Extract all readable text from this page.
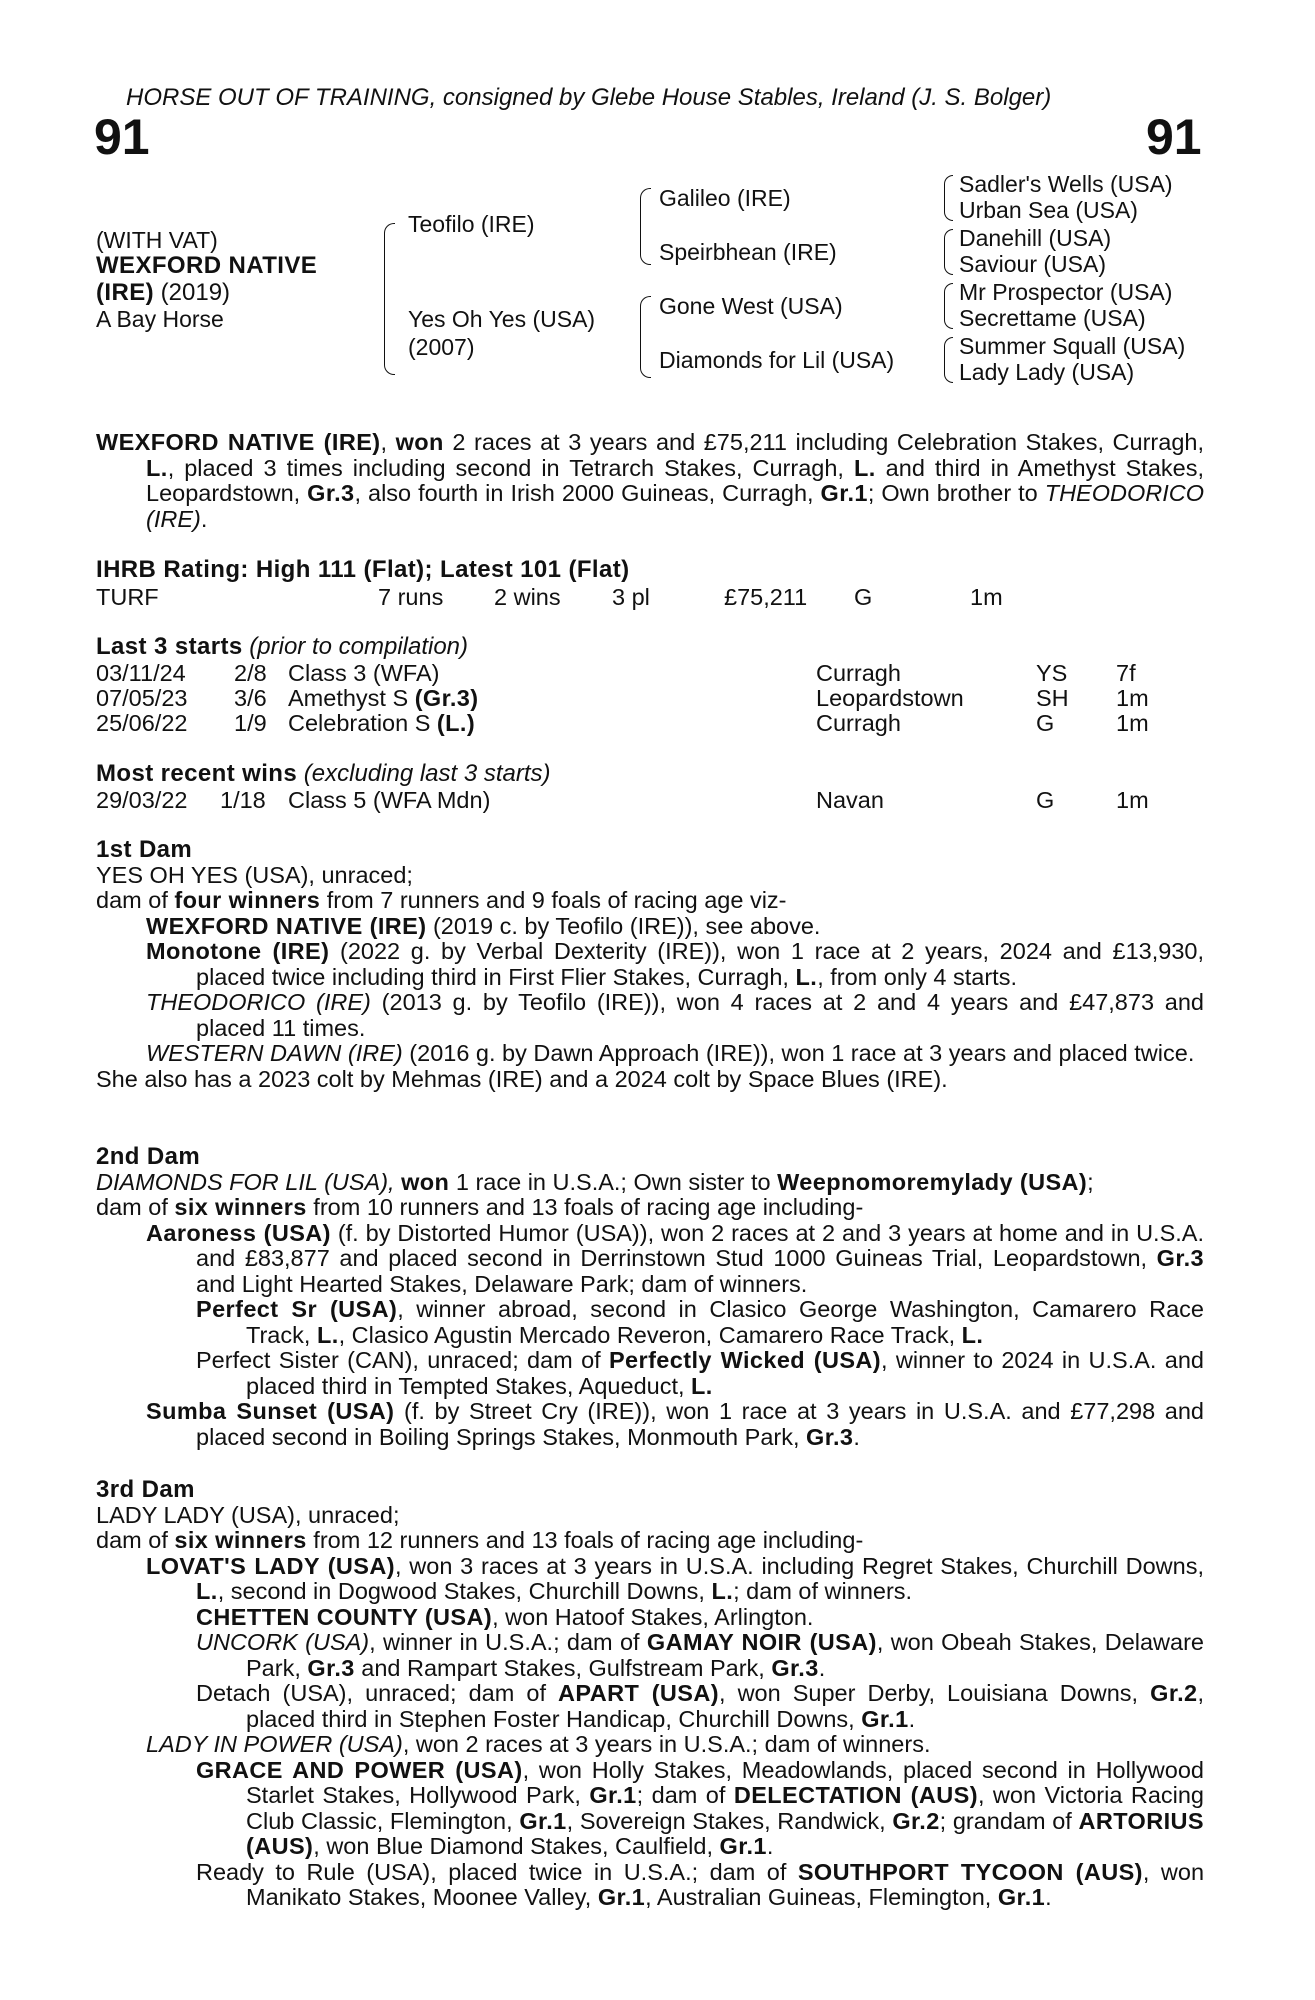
HORSE OUT OF TRAINING, consigned by Glebe House Stables, Ireland (J. S. Bolger)
91	91
(WITH VAT)
WEXFORD NATIVE
(IRE) (2019)
A Bay Horse
Teofilo (IRE)
Yes Oh Yes (USA)
(2007)
Galileo (IRE)
Speirbhean (IRE)
Gone West (USA)
Diamonds for Lil (USA)
Sadler's Wells (USA)
Urban Sea (USA)
Danehill (USA)
Saviour (USA)
Mr Prospector (USA)
Secrettame (USA)
Summer Squall (USA)
Lady Lady (USA)

WEXFORD NATIVE (IRE), won 2 races at 3 years and £75,211 including Celebration Stakes, Curragh, L., placed 3 times including second in Tetrarch Stakes, Curragh, L. and third in Amethyst Stakes, Leopardstown, Gr.3, also fourth in Irish 2000 Guineas, Curragh, Gr.1; Own brother to THEODORICO (IRE).

IHRB Rating: High 111 (Flat); Latest 101 (Flat)
TURF	7 runs 2 wins 3 pl	£75,211 G	1m
Last 3 starts (prior to compilation)
03/11/24 2/8 Class 3 (WFA)	Curragh	YS 7f
07/05/23 3/6 Amethyst S (Gr.3)	Leopardstown	SH 1m
25/06/22 1/9 Celebration S (L.)	Curragh	G	1m
Most recent wins (excluding last 3 starts)
29/03/22 1/18 Class 5 (WFA Mdn)	Navan	G	1m

1st Dam

YES OH YES (USA), unraced;

dam of four winners from 7 runners and 9 foals of racing age viz-

WEXFORD NATIVE (IRE) (2019 c. by Teofilo (IRE)), see above.

Monotone (IRE) (2022 g. by Verbal Dexterity (IRE)), won 1 race at 2 years, 2024 and £13,930, placed twice including third in First Flier Stakes, Curragh, L., from only 4 starts.

THEODORICO (IRE) (2013 g. by Teofilo (IRE)), won 4 races at 2 and 4 years and £47,873 and placed 11 times.

WESTERN DAWN (IRE) (2016 g. by Dawn Approach (IRE)), won 1 race at 3 years and placed twice.

She also has a 2023 colt by Mehmas (IRE) and a 2024 colt by Space Blues (IRE).

2nd Dam

DIAMONDS FOR LIL (USA), won 1 race in U.S.A.; Own sister to Weepnomoremylady (USA);

dam of six winners from 10 runners and 13 foals of racing age including-

Aaroness (USA) (f. by Distorted Humor (USA)), won 2 races at 2 and 3 years at home and in U.S.A. and £83,877 and placed second in Derrinstown Stud 1000 Guineas Trial, Leopardstown, Gr.3 and Light Hearted Stakes, Delaware Park; dam of winners.

Perfect Sr (USA), winner abroad, second in Clasico George Washington, Camarero Race Track, L., Clasico Agustin Mercado Reveron, Camarero Race Track, L.

Perfect Sister (CAN), unraced; dam of Perfectly Wicked (USA), winner to 2024 in U.S.A. and placed third in Tempted Stakes, Aqueduct, L.

Sumba Sunset (USA) (f. by Street Cry (IRE)), won 1 race at 3 years in U.S.A. and £77,298 and placed second in Boiling Springs Stakes, Monmouth Park, Gr.3.

3rd Dam

LADY LADY (USA), unraced;

dam of six winners from 12 runners and 13 foals of racing age including-

LOVAT'S LADY (USA), won 3 races at 3 years in U.S.A. including Regret Stakes, Churchill Downs, L., second in Dogwood Stakes, Churchill Downs, L.; dam of winners.

CHETTEN COUNTY (USA), won Hatoof Stakes, Arlington.

UNCORK (USA), winner in U.S.A.; dam of GAMAY NOIR (USA), won Obeah Stakes, Delaware Park, Gr.3 and Rampart Stakes, Gulfstream Park, Gr.3.

Detach (USA), unraced; dam of APART (USA), won Super Derby, Louisiana Downs, Gr.2, placed third in Stephen Foster Handicap, Churchill Downs, Gr.1.

LADY IN POWER (USA), won 2 races at 3 years in U.S.A.; dam of winners.

GRACE AND POWER (USA), won Holly Stakes, Meadowlands, placed second in Hollywood Starlet Stakes, Hollywood Park, Gr.1; dam of DELECTATION (AUS), won Victoria Racing Club Classic, Flemington, Gr.1, Sovereign Stakes, Randwick, Gr.2; grandam of ARTORIUS (AUS), won Blue Diamond Stakes, Caulfield, Gr.1.

Ready to Rule (USA), placed twice in U.S.A.; dam of SOUTHPORT TYCOON (AUS), won Manikato Stakes, Moonee Valley, Gr.1, Australian Guineas, Flemington, Gr.1.
